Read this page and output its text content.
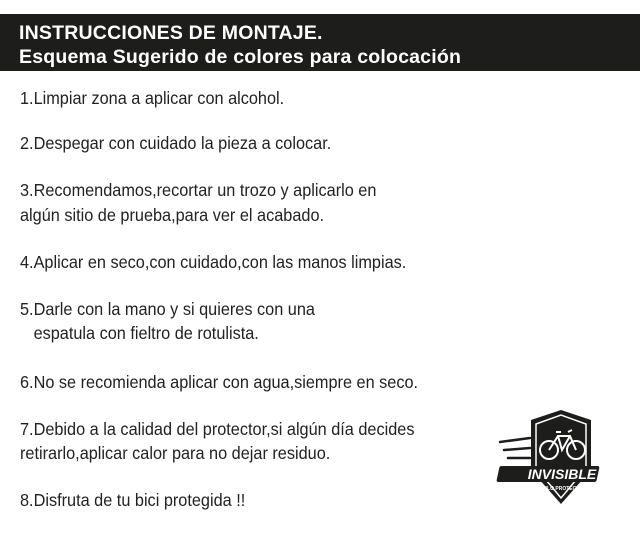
INSTRUCCIONES DE MONTAJE.
Esquema Sugerido de colores para colocación
1.Limpiar zona a aplicar con alcohol.
2.Despegar con cuidado la pieza a colocar.
3.Recomendamos,recortar un trozo y aplicarlo en
algún sitio de prueba,para ver el acabado.
4.Aplicar en seco,con cuidado,con las manos limpias.
5.Darle con la mano y si quieres con una
espatula con fieltro de rotulista.
6.No se recomienda aplicar con agua,siempre en seco.
7.Debido a la calidad del protector,si algún día decides
retirarlo,aplicar calor para no dejar residuo.
8.Disfruta de tu bici protegida !!
INVISIBLE
VINILO PROTECTOR
